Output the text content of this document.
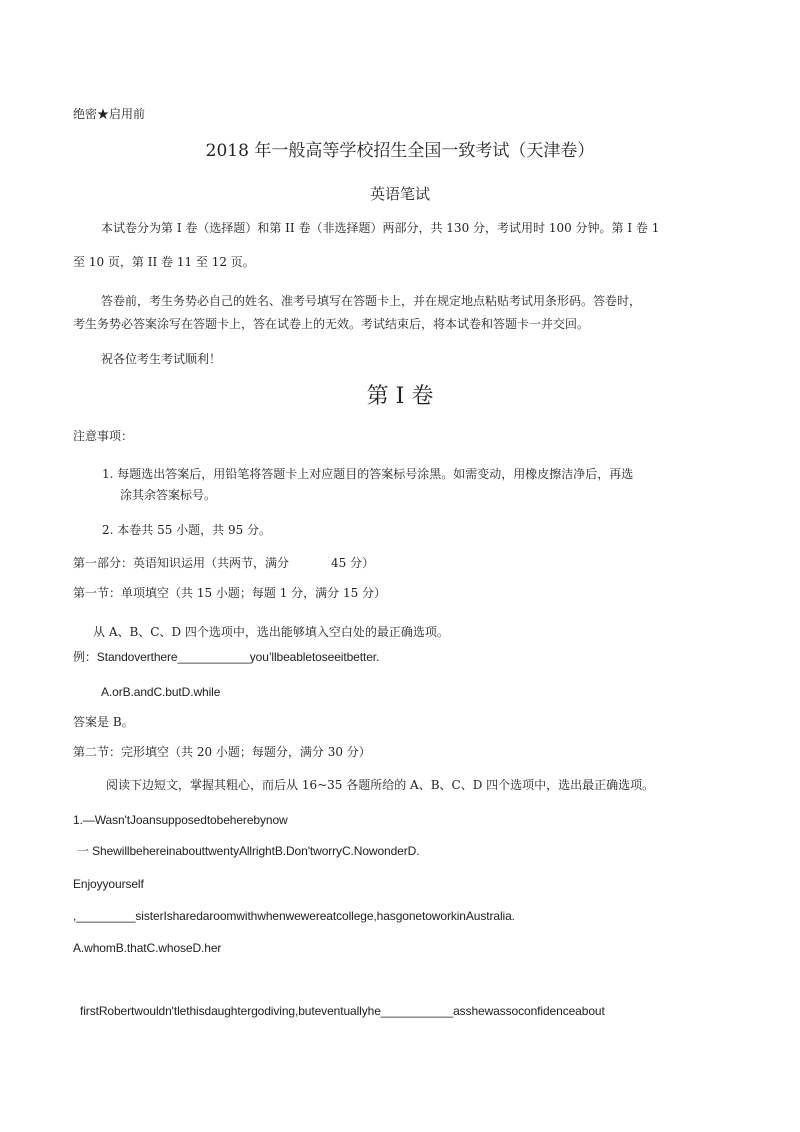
绝密★启用前
2018 年一般高等学校招生全国一致考试（天津卷）
英语笔试
本试卷分为第 I 卷（选择题）和第 II 卷（非选择题）两部分，共 130 分，考试用时 100 分钟。第 I 卷 1
至 10 页，第 II 卷 11 至 12 页。
答卷前，考生务势必自己的姓名、准考号填写在答题卡上，并在规定地点粘贴考试用条形码。答卷时，
考生务势必答案涂写在答题卡上，答在试卷上的无效。考试结束后，将本试卷和答题卡一并交回。
祝各位考生考试顺利！
第 I 卷
注意事项：
1. 每题选出答案后，用铅笔将答题卡上对应题目的答案标号涂黑。如需变动，用橡皮擦洁净后，再选
涂其余答案标号。
2. 本卷共 55 小题，共 95 分。
第一部分：英语知识运用（共两节，满分	45 分）
第一节：单项填空（共 15 小题；每题 1 分，满分 15 分）
从 A、B、C、D 四个选项中，选出能够填入空白处的最正确选项。
例：Standoverthere___________you’llbeabletoseeitbetter.
A.orB.andC.butD.while
答案是 B。
第二节：完形填空（共 20 小题；每题分，满分 30 分）
阅读下边短文，掌握其粗心，而后从 16~35 各题所给的 A、B、C、D 四个选项中，选出最正确选项。
1.—Wasn'tJoansupposedtobeherebynow
一 ShewillbehereinabouttwentyAllrightB.Don'tworryC.NowonderD.
Enjoyyourself
,_________sisterIsharedaroomwithwhenwewereatcollege,hasgonetoworkinAustralia.
A.whomB.thatC.whoseD.her
firstRobertwouldn'tlethisdaughtergodiving,buteventuallyhe___________asshewassoconfidenceabout
